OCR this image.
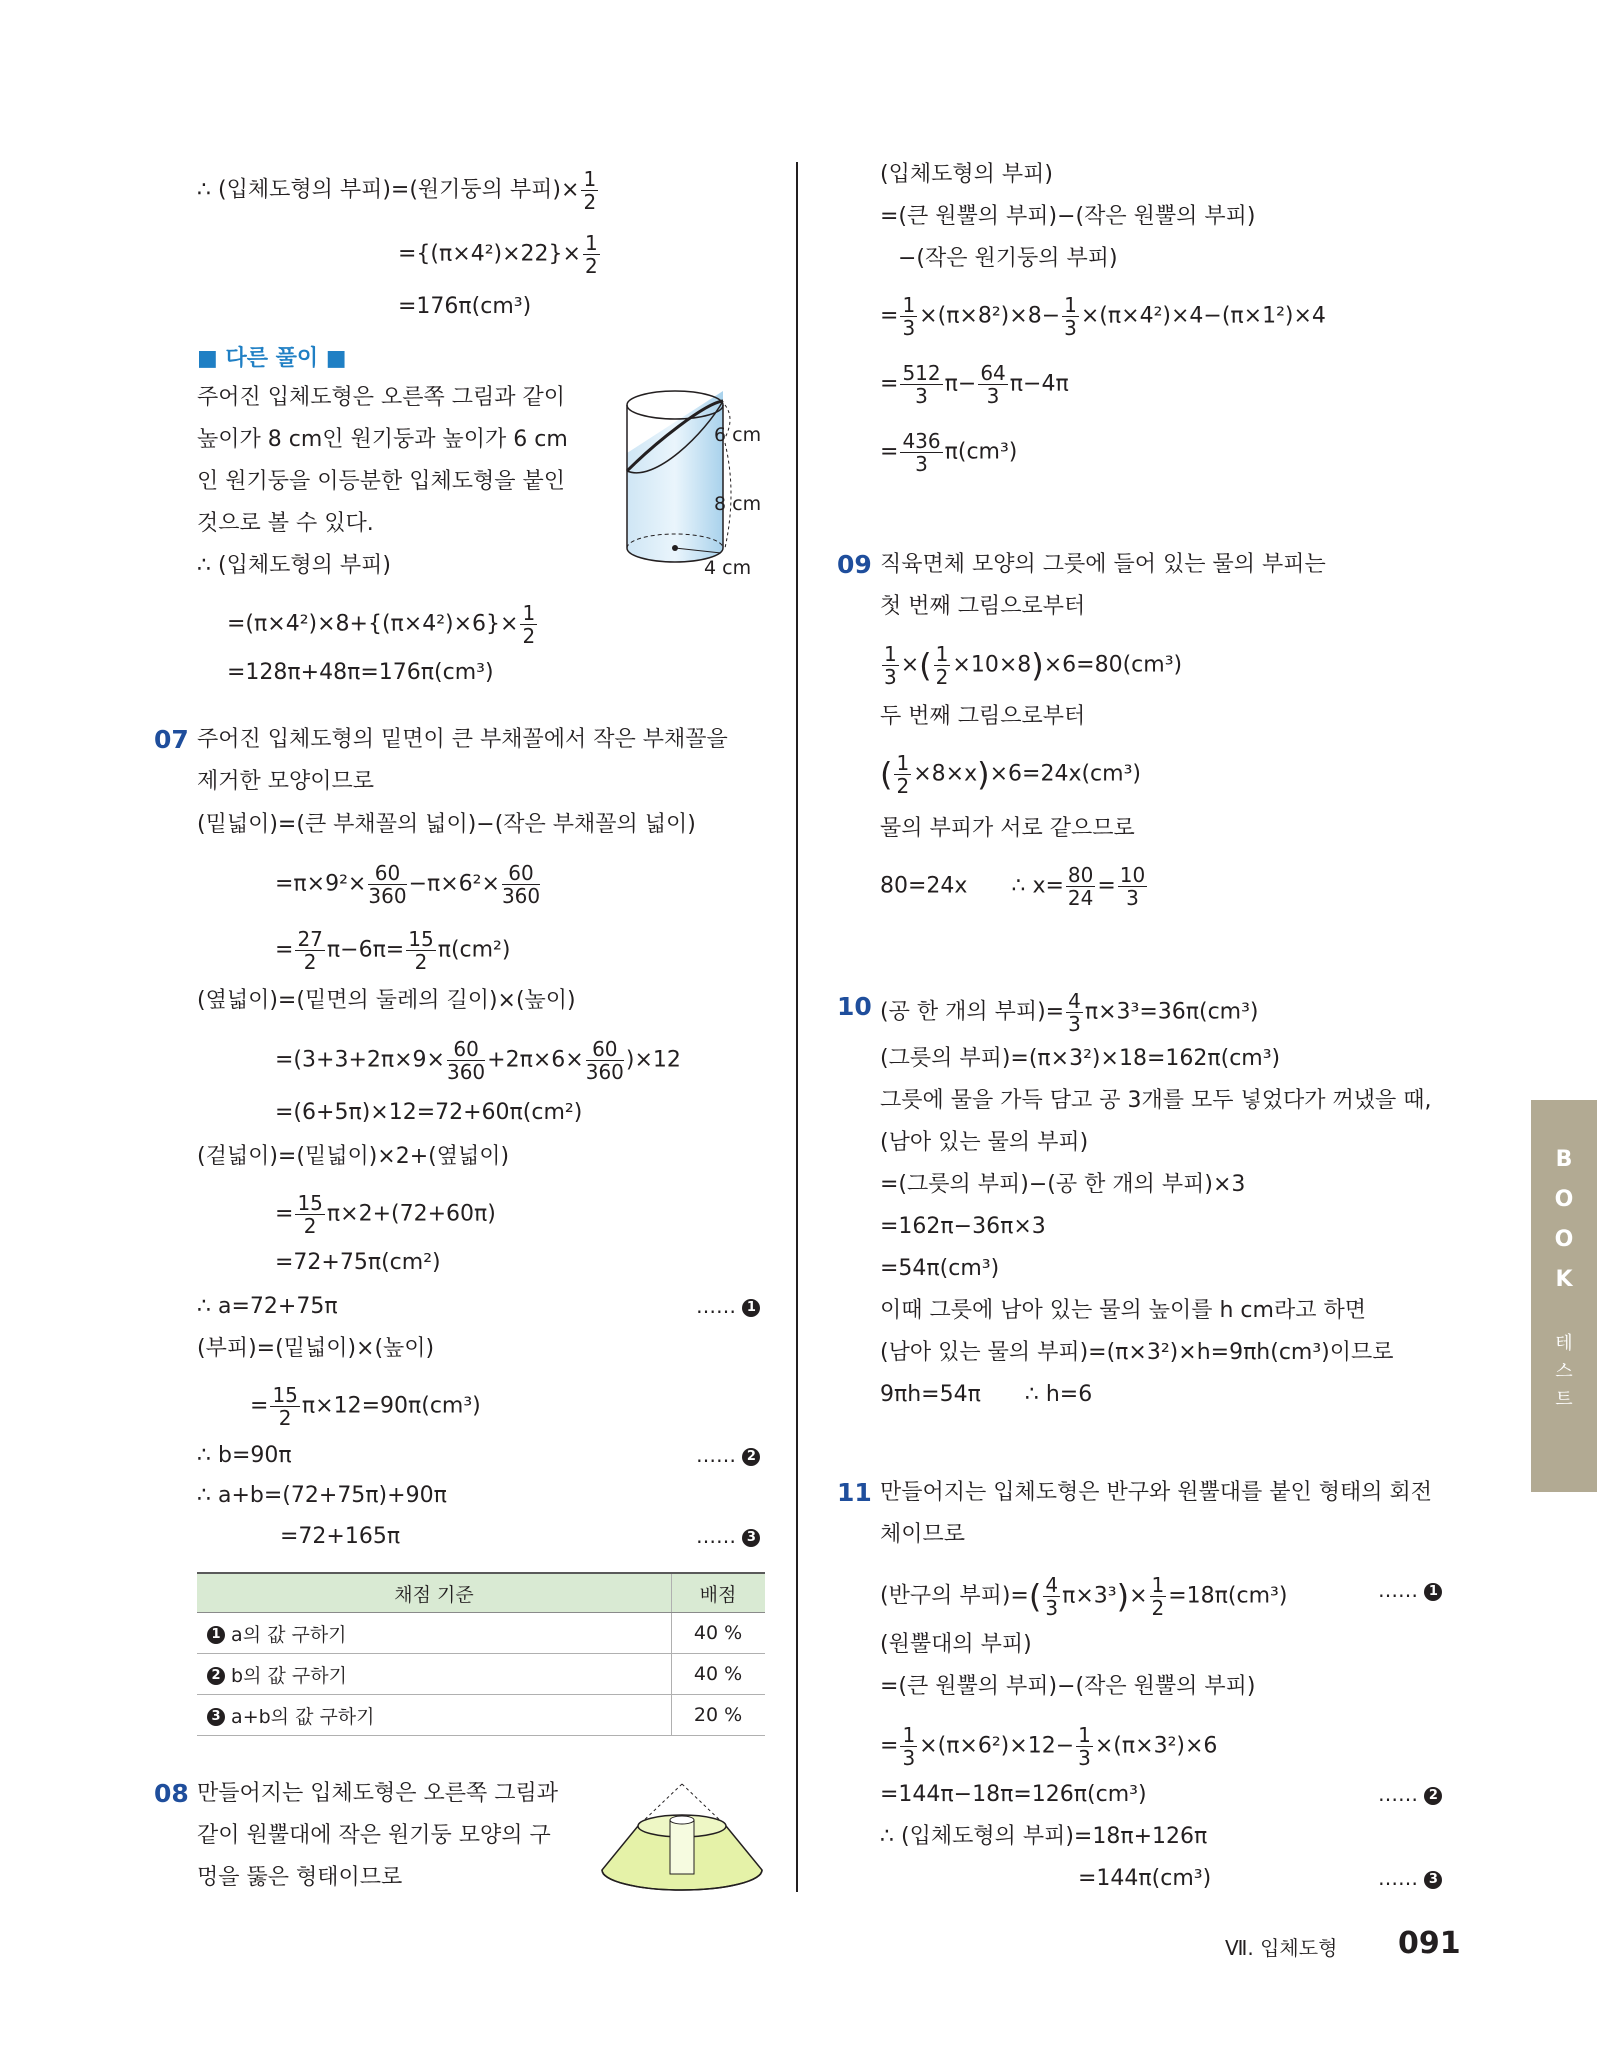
∴ (입체도형의 부피)=(원기둥의 부피)× $\frac{1}{2}$
$=\{(\pi\times 4^2)\times 22\}\times \frac{1}{2}$
=176π(cm³)
■ 다른 풀이 ■
주어진 입체도형은 오른쪽 그림과 같이
높이가 8 cm인 원기둥과 높이가 6 cm
인 원기둥을 이등분한 입체도형을 붙인
것으로 볼 수 있다.
∴ (입체도형의 부피)
$=(\pi\times 4^2)\times 8+\{(\pi\times 4^2)\times 6\}\times \frac{1}{2}$
=128π+48π=176π(cm³)
6 cm
8 cm
4 cm
07 주어진 입체도형의 밑면이 큰 부채꼴에서 작은 부채꼴을
제거한 모양이므로
(밑넓이)=(큰 부채꼴의 넓이)−(작은 부채꼴의 넓이)
$=\pi\times 9^2\times \frac{60}{360} -\pi\times 6^2\times \frac{60}{360}$
= $\frac{27}{2} \pi-6\pi= \frac{15}{2} \pi(cm^2)$
(옆넓이)=(밑면의 둘레의 길이)×(높이)
$=(3+3+2\pi\times 9\times \frac{60}{360} +2\pi\times 6\times \frac{60}{360} )\times 12$
=(6+5π)×12=72+60π(cm²)
(겉넓이)=(밑넓이)×2+(옆넓이)
= $\frac{15}{2} \pi\times 2+(72+60\pi)$
=72+75π(cm²)
∴ a=72+75π	…… 1
(부피)=(밑넓이)×(높이)
= $\frac{15}{2} \pi\times 12=90\pi(cm^3)$
∴ b=90π	…… 2
∴ a+b=(72+75π)+90π
=72+165π	…… 3
채점 기준	배점
1 a의 값 구하기	40 %
2 b의 값 구하기	40 %
3 a+b의 값 구하기	20 %
08 만들어지는 입체도형은 오른쪽 그림과
같이 원뿔대에 작은 원기둥 모양의 구
멍을 뚫은 형태이므로
(입체도형의 부피)
=(큰 원뿔의 부피)−(작은 원뿔의 부피)
−(작은 원기둥의 부피)
= $\frac{1}{3} \times(\pi\times 8^2)\times 8- \frac{1}{3} \times(\pi\times 4^2)\times 4-(\pi\times 1^2)\times 4$
= $\frac{512}{3} \pi- \frac{64}{3} \pi-4\pi$
= $\frac{436}{3} \pi(cm^3)$
09 직육면체 모양의 그릇에 들어 있는 물의 부피는
첫 번째 그림으로부터
$\frac{1}{3}$ ×( $\frac{1}{2} \times 10\times 8)\times 6=80(cm^3)$
두 번째 그림으로부터
( $\frac{1}{2} \times 8\times x)\times 6=24x(cm^3)$
물의 부피가 서로 같으므로
80=24x ∴ $x= \frac{80}{24} = \frac{10}{3}$
10 (공 한 개의 부피)= $\frac{4}{3} \pi\times 3^3=36\pi(cm^3)$
(그릇의 부피)=(π×3²)×18=162π(cm³)
그릇에 물을 가득 담고 공 3개를 모두 넣었다가 꺼냈을 때,
(남아 있는 물의 부피)
=(그릇의 부피)−(공 한 개의 부피)×3
=162π−36π×3
=54π(cm³)
이때 그릇에 남아 있는 물의 높이를 h cm라고 하면
(남아 있는 물의 부피)=(π×3²)×h=9πh(cm³)이므로
9πh=54π ∴ h=6
11 만들어지는 입체도형은 반구와 원뿔대를 붙인 형태의 회전
체이므로
(반구의 부피)=( $\frac{4}{3} \pi\times 3^3)\times \frac{1}{2} =18\pi(cm^3)$	…… 1
(원뿔대의 부피)
=(큰 원뿔의 부피)−(작은 원뿔의 부피)
= $\frac{1}{3} \times(\pi\times 6^2)\times 12- \frac{1}{3} \times(\pi\times 3^2)\times 6$
=144π−18π=126π(cm³)	…… 2
∴ (입체도형의 부피)=18π+126π
=144π(cm³)	…… 3
BOOK
테스트
Ⅶ. 입체도형 091
